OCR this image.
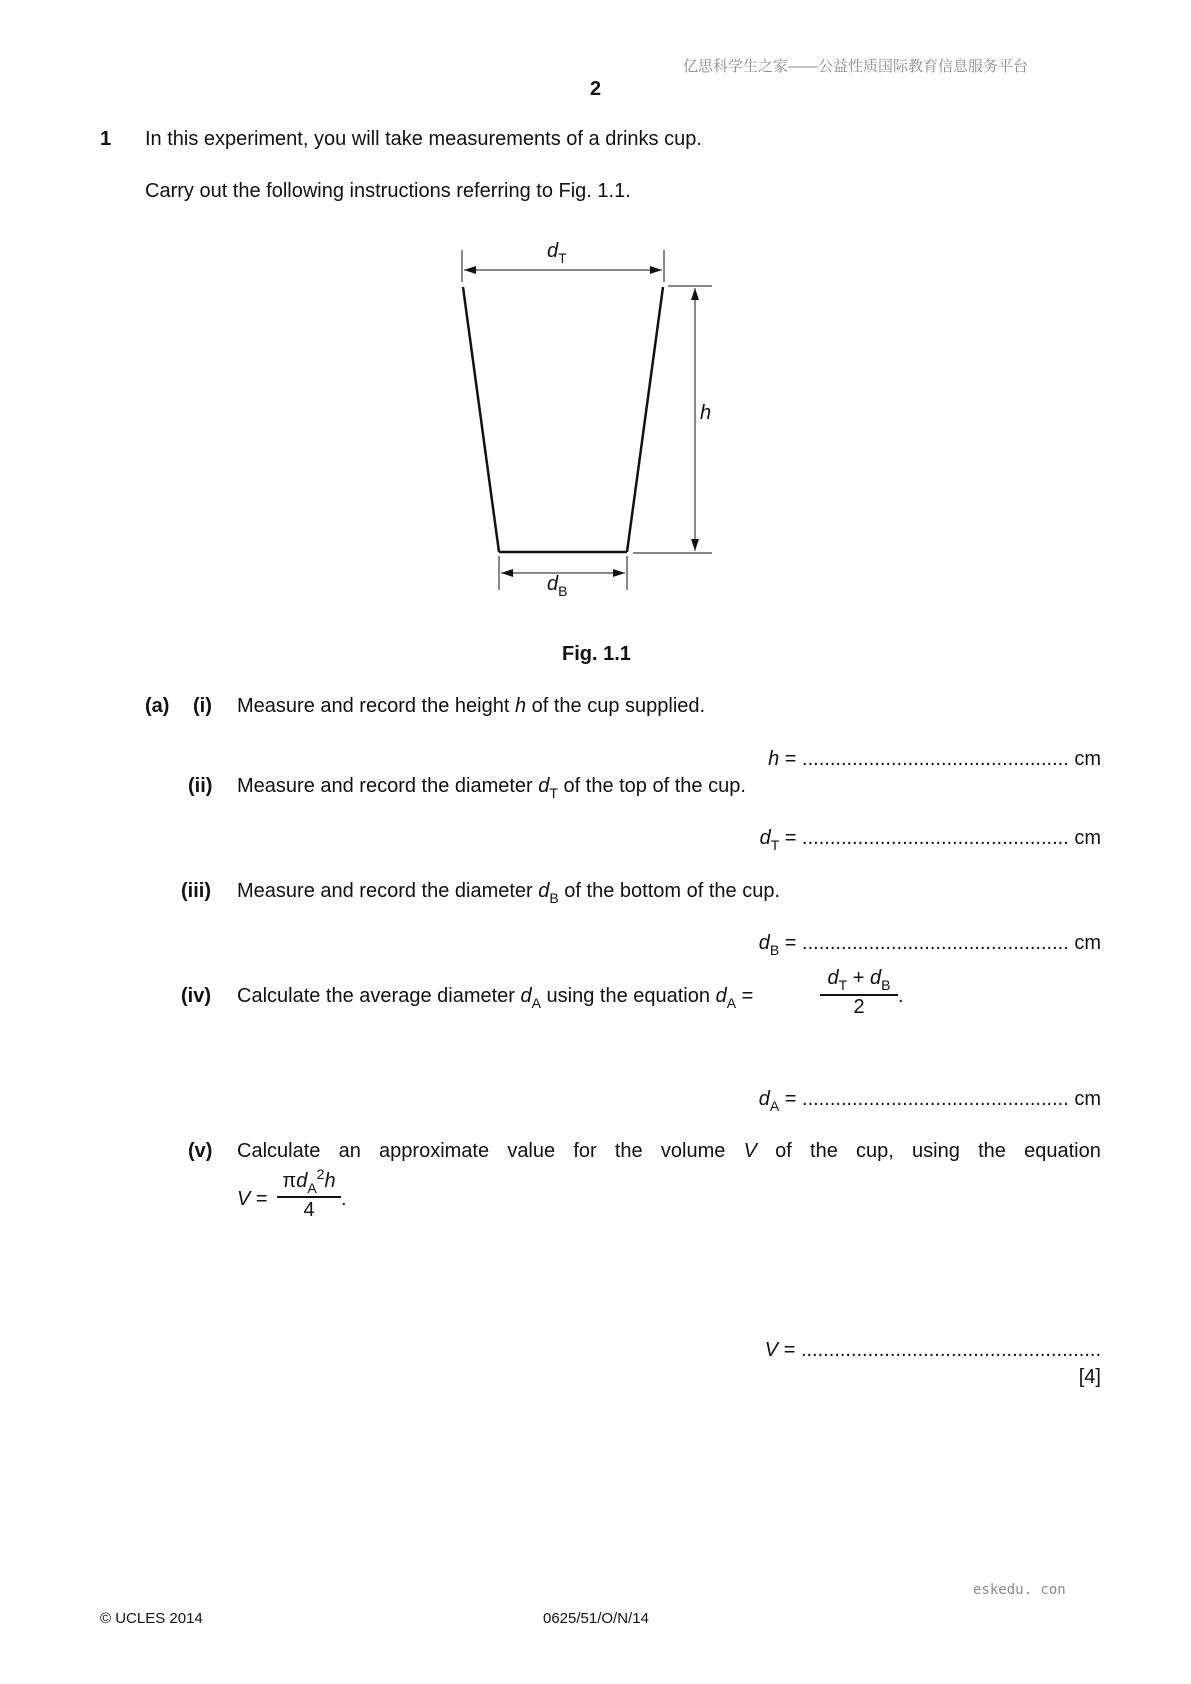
亿思科学生之家——公益性质国际教育信息服务平台
2
1 In this experiment, you will take measurements of a drinks cup.
Carry out the following instructions referring to Fig. 1.1.
$d_T$
h
$d_B$
Fig. 1.1
(a) (i) Measure and record the height h of the cup supplied.
h = ................................................ cm
(ii) Measure and record the diameter $d_T$ of the top of the cup.
$d_T$ = ................................................ cm
(iii) Measure and record the diameter $d_B$ of the bottom of the cup.
$d_B$ = ................................................ cm
(iv) Calculate the average diameter $d_A$ using the equation $d_A$ =
$d_T + d_B$
2	.
$d_A$ = ................................................ cm
(v) Calculate an approximate value for the volume V of the cup, using the equation
V =
$\pi d_A^2h$
4	.
V = ......................................................
[4]
eskedu. con
© UCLES 2014	0625/51/O/N/14
